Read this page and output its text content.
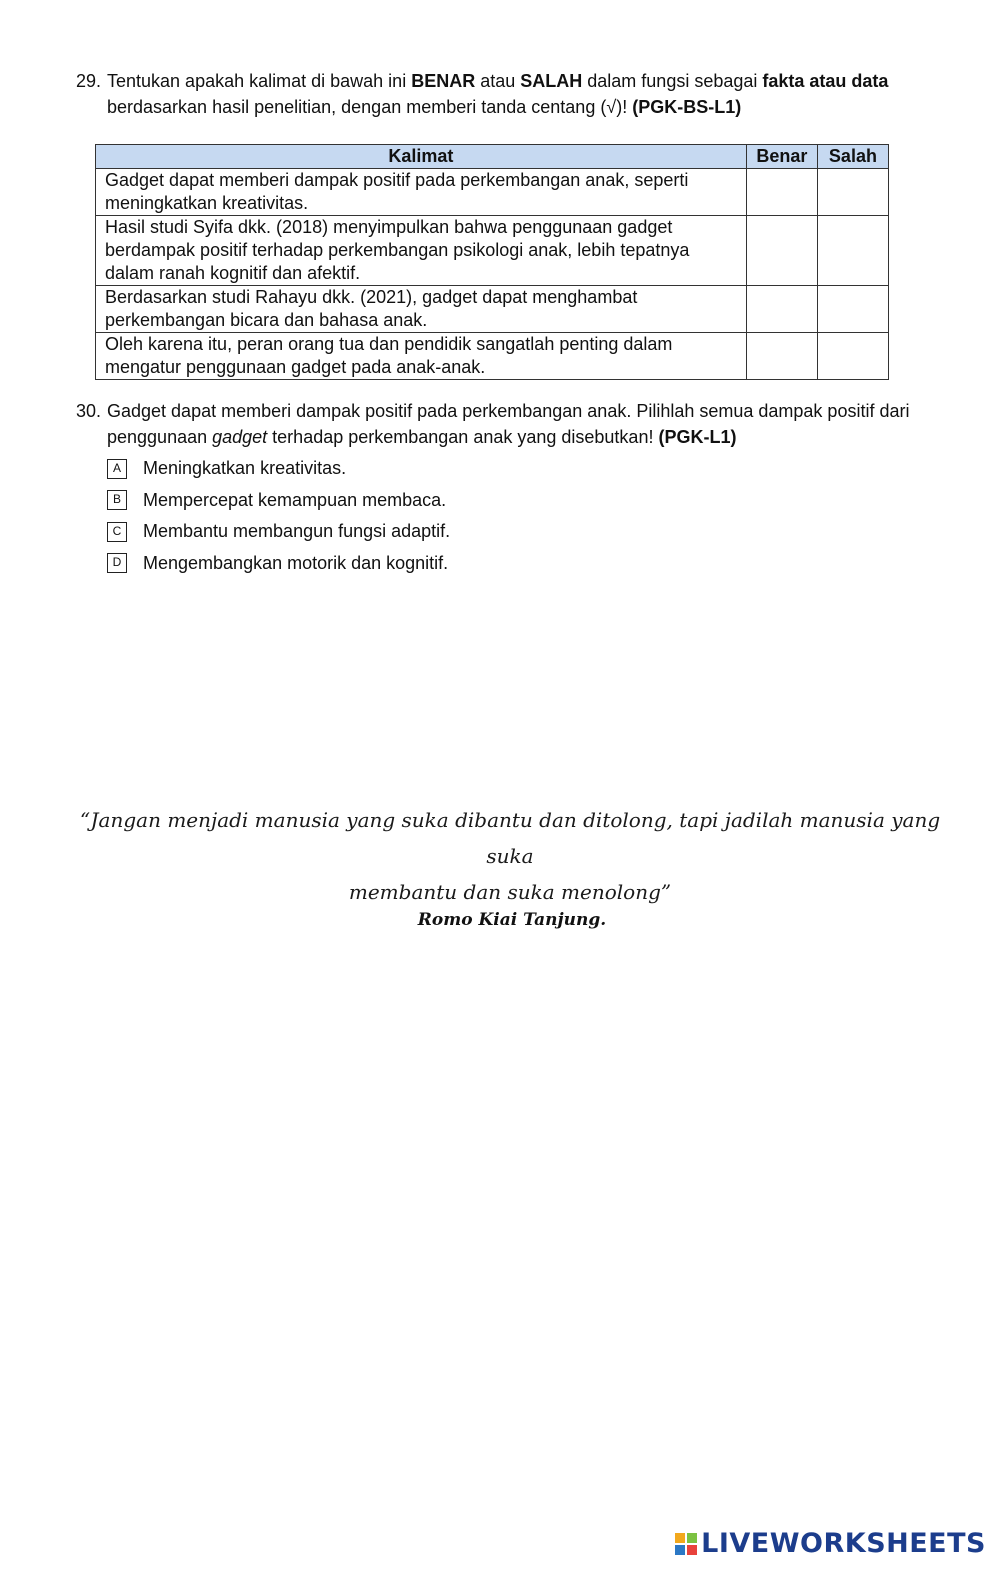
29. Tentukan apakah kalimat di bawah ini BENAR atau SALAH dalam fungsi sebagai fakta atau data
berdasarkan hasil penelitian, dengan memberi tanda centang (√)! (PGK-BS-L1)
Kalimat	Benar	Salah
Gadget dapat memberi dampak positif pada perkembangan anak, seperti meningkatkan kreativitas.		
Hasil studi Syifa dkk. (2018) menyimpulkan bahwa penggunaan gadget berdampak positif terhadap perkembangan psikologi anak, lebih tepatnya dalam ranah kognitif dan afektif.		
Berdasarkan studi Rahayu dkk. (2021), gadget dapat menghambat perkembangan bicara dan bahasa anak.		
Oleh karena itu, peran orang tua dan pendidik sangatlah penting dalam mengatur penggunaan gadget pada anak-anak.		
30. Gadget dapat memberi dampak positif pada perkembangan anak. Pilihlah semua dampak positif dari penggunaan gadget terhadap perkembangan anak yang disebutkan! (PGK-L1)
A	Meningkatkan kreativitas.
B	Mempercepat kemampuan membaca.
C	Membantu membangun fungsi adaptif.
D	Mengembangkan motorik dan kognitif.
“Jangan menjadi manusia yang suka dibantu dan ditolong, tapi jadilah manusia yang suka
membantu dan suka menolong”
Romo Kiai Tanjung.
LIVEWORKSHEETS
